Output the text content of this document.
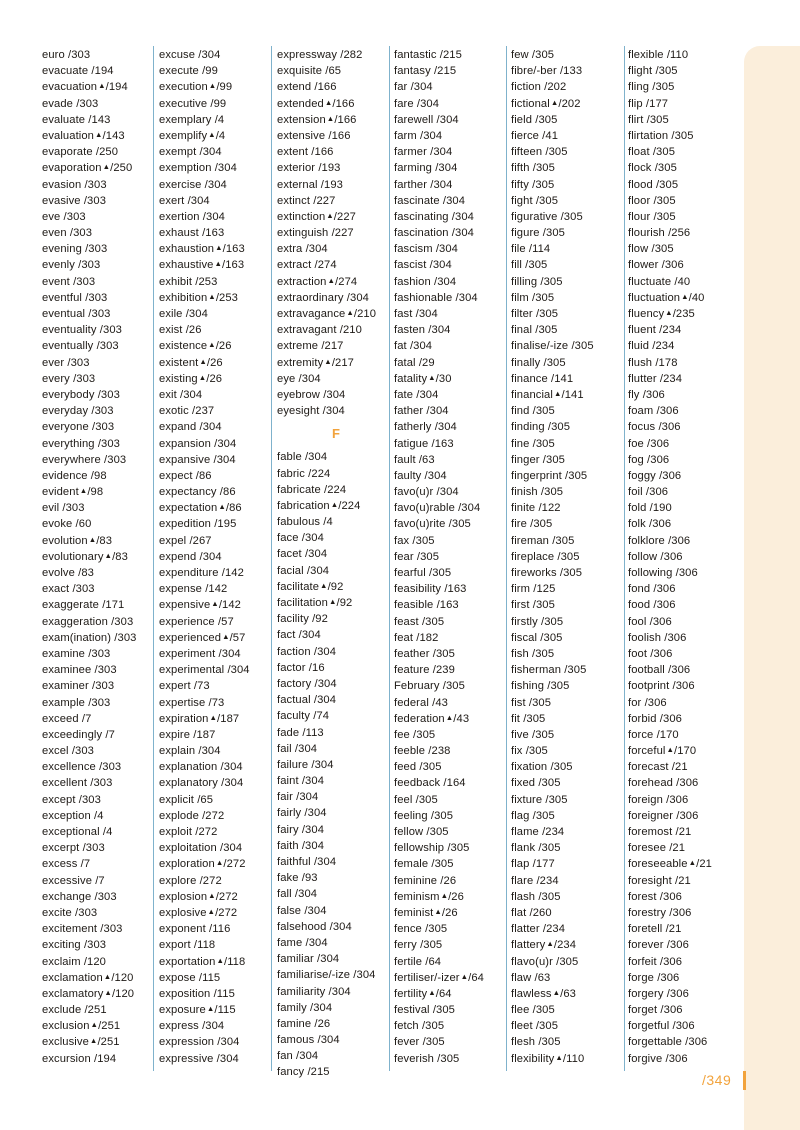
euro /303
evacuate /194
evacuation▲/194
evade /303
evaluate /143
evaluation▲/143
evaporate /250
evaporation▲/250
evasion /303
evasive /303
eve /303
even /303
evening /303
evenly /303
event /303
eventful /303
eventual /303
eventuality /303
eventually /303
ever /303
every /303
everybody /303
everyday /303
everyone /303
everything /303
everywhere /303
evidence /98
evident▲/98
evil /303
evoke /60
evolution▲/83
evolutionary▲/83
evolve /83
exact /303
exaggerate /171
exaggeration /303
exam(ination) /303
examine /303
examinee /303
examiner /303
example /303
exceed /7
exceedingly /7
excel /303
excellence /303
excellent /303
except /303
exception /4
exceptional /4
excerpt /303
excess /7
excessive /7
exchange /303
excite /303
excitement /303
exciting /303
exclaim /120
exclamation▲/120
exclamatory▲/120
exclude /251
exclusion▲/251
exclusive▲/251
excursion /194
excuse /304
execute /99
execution▲/99
executive /99
exemplary /4
exemplify▲/4
exempt /304
exemption /304
exercise /304
exert /304
exertion /304
exhaust /163
exhaustion▲/163
exhaustive▲/163
exhibit /253
exhibition▲/253
exile /304
exist /26
existence▲/26
existent▲/26
existing▲/26
exit /304
exotic /237
expand /304
expansion /304
expansive /304
expect /86
expectancy /86
expectation▲/86
expedition /195
expel /267
expend /304
expenditure /142
expense /142
expensive▲/142
experience /57
experienced▲/57
experiment /304
experimental /304
expert /73
expertise /73
expiration▲/187
expire /187
explain /304
explanation /304
explanatory /304
explicit /65
explode /272
exploit /272
exploitation /304
exploration▲/272
explore /272
explosion▲/272
explosive▲/272
exponent /116
export /118
exportation▲/118
expose /115
exposition /115
exposure▲/115
express /304
expression /304
expressive /304
expressway /282
exquisite /65
extend /166
extended▲/166
extension▲/166
extensive /166
extent /166
exterior /193
external /193
extinct /227
extinction▲/227
extinguish /227
extra /304
extract /274
extraction▲/274
extraordinary /304
extravagance▲/210
extravagant /210
extreme /217
extremity▲/217
eye /304
eyebrow /304
eyesight /304
F
fable /304
fabric /224
fabricate /224
fabrication▲/224
fabulous /4
face /304
facet /304
facial /304
facilitate▲/92
facilitation▲/92
facility /92
fact /304
faction /304
factor /16
factory /304
factual /304
faculty /74
fade /113
fail /304
failure /304
faint /304
fair /304
fairly /304
fairy /304
faith /304
faithful /304
fake /93
fall /304
false /304
falsehood /304
fame /304
familiar /304
familiarise/-ize /304
familiarity /304
family /304
famine /26
famous /304
fan /304
fancy /215
fantastic /215
fantasy /215
far /304
fare /304
farewell /304
farm /304
farmer /304
farming /304
farther /304
fascinate /304
fascinating /304
fascination /304
fascism /304
fascist /304
fashion /304
fashionable /304
fast /304
fasten /304
fat /304
fatal /29
fatality▲/30
fate /304
father /304
fatherly /304
fatigue /163
fault /63
faulty /304
favo(u)r /304
favo(u)rable /304
favo(u)rite /305
fax /305
fear /305
fearful /305
feasibility /163
feasible /163
feast /305
feat /182
feather /305
feature /239
February /305
federal /43
federation▲/43
fee /305
feeble /238
feed /305
feedback /164
feel /305
feeling /305
fellow /305
fellowship /305
female /305
feminine /26
feminism▲/26
feminist▲/26
fence /305
ferry /305
fertile /64
fertiliser/-izer▲/64
fertility▲/64
festival /305
fetch /305
fever /305
feverish /305
few /305
fibre/-ber /133
fiction /202
fictional▲/202
field /305
fierce /41
fifteen /305
fifth /305
fifty /305
fight /305
figurative /305
figure /305
file /114
fill /305
filling /305
film /305
filter /305
final /305
finalise/-ize /305
finally /305
finance /141
financial▲/141
find /305
finding /305
fine /305
finger /305
fingerprint /305
finish /305
finite /122
fire /305
fireman /305
fireplace /305
fireworks /305
firm /125
first /305
firstly /305
fiscal /305
fish /305
fisherman /305
fishing /305
fist /305
fit /305
five /305
fix /305
fixation /305
fixed /305
fixture /305
flag /305
flame /234
flank /305
flap /177
flare /234
flash /305
flat /260
flatter /234
flattery▲/234
flavo(u)r /305
flaw /63
flawless▲/63
flee /305
fleet /305
flesh /305
flexibility▲/110
flexible /110
flight /305
fling /305
flip /177
flirt /305
flirtation /305
float /305
flock /305
flood /305
floor /305
flour /305
flourish /256
flow /305
flower /306
fluctuate /40
fluctuation▲/40
fluency▲/235
fluent /234
fluid /234
flush /178
flutter /234
fly /306
foam /306
focus /306
foe /306
fog /306
foggy /306
foil /306
fold /190
folk /306
folklore /306
follow /306
following /306
fond /306
food /306
fool /306
foolish /306
foot /306
football /306
footprint /306
for /306
forbid /306
force /170
forceful▲/170
forecast /21
forehead /306
foreign /306
foreigner /306
foremost /21
foresee /21
foreseeable▲/21
foresight /21
forest /306
forestry /306
foretell /21
forever /306
forfeit /306
forge /306
forgery /306
forget /306
forgetful /306
forgettable /306
forgive /306
/349
